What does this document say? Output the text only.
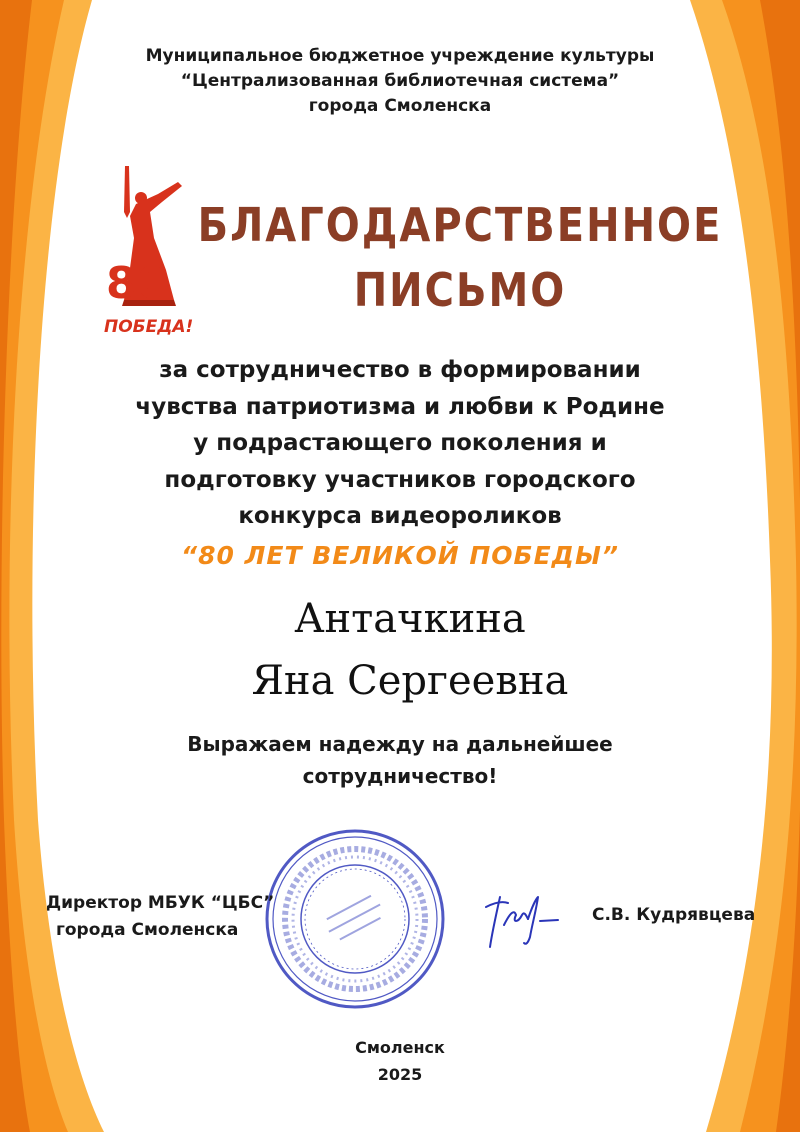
Муниципальное бюджетное учреждение культуры
“Централизованная библиотечная система”
города Смоленска
80
ПОБЕДА!
БЛАГОДАРСТВЕННОЕ
ПИСЬМО
за сотрудничество в формировании
чувства патриотизма и любви к Родине
у подрастающего поколения и
подготовку участников городского
конкурса видеороликов
“80 ЛЕТ ВЕЛИКОЙ ПОБЕДЫ”
Антачкина
Яна Сергеевна
Выражаем надежду на дальнейшее
сотрудничество!
Директор МБУК “ЦБС”
города Смоленска
С.В. Кудрявцева
Смоленск
2025
